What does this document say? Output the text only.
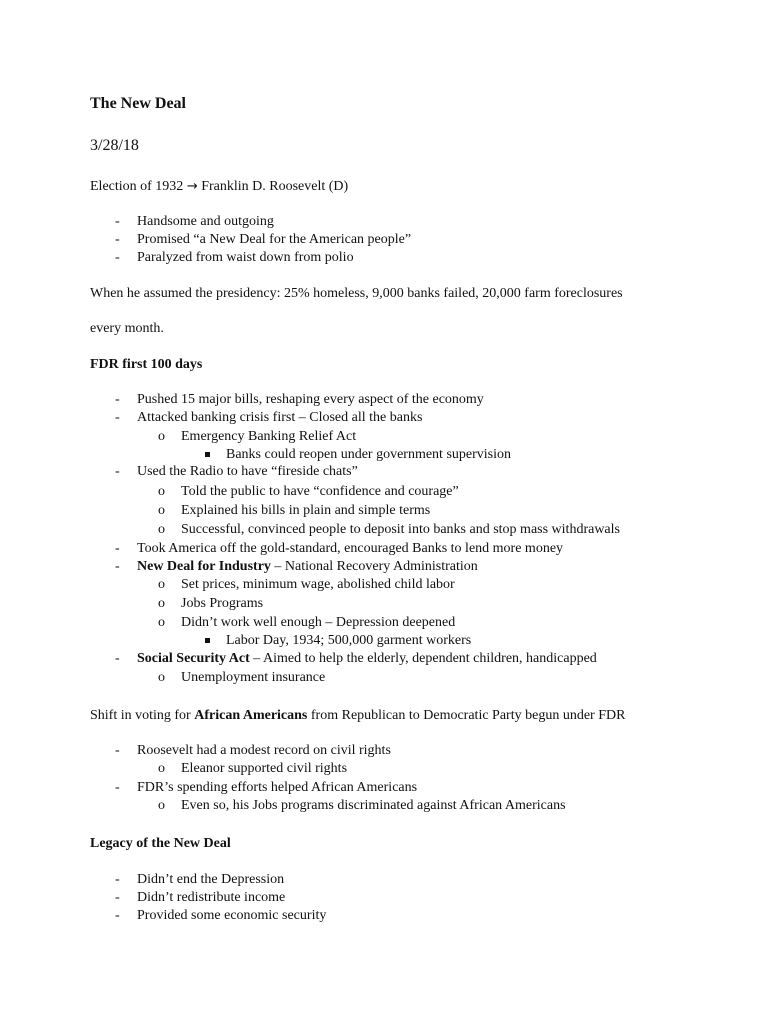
The New Deal
3/28/18
Election of 1932 → Franklin D. Roosevelt (D)
- Handsome and outgoing
- Promised “a New Deal for the American people”
- Paralyzed from waist down from polio
When he assumed the presidency: 25% homeless, 9,000 banks failed, 20,000 farm foreclosures
every month.
FDR first 100 days
- Pushed 15 major bills, reshaping every aspect of the economy
- Attacked banking crisis first – Closed all the banks
o Emergency Banking Relief Act
Banks could reopen under government supervision
- Used the Radio to have “fireside chats”
o Told the public to have “confidence and courage”
o Explained his bills in plain and simple terms
o Successful, convinced people to deposit into banks and stop mass withdrawals
- Took America off the gold-standard, encouraged Banks to lend more money
- New Deal for Industry – National Recovery Administration
o Set prices, minimum wage, abolished child labor
o Jobs Programs
o Didn’t work well enough – Depression deepened
Labor Day, 1934; 500,000 garment workers
- Social Security Act – Aimed to help the elderly, dependent children, handicapped
o Unemployment insurance
Shift in voting for African Americans from Republican to Democratic Party begun under FDR
- Roosevelt had a modest record on civil rights
o Eleanor supported civil rights
- FDR’s spending efforts helped African Americans
o Even so, his Jobs programs discriminated against African Americans
Legacy of the New Deal
- Didn’t end the Depression
- Didn’t redistribute income
- Provided some economic security
